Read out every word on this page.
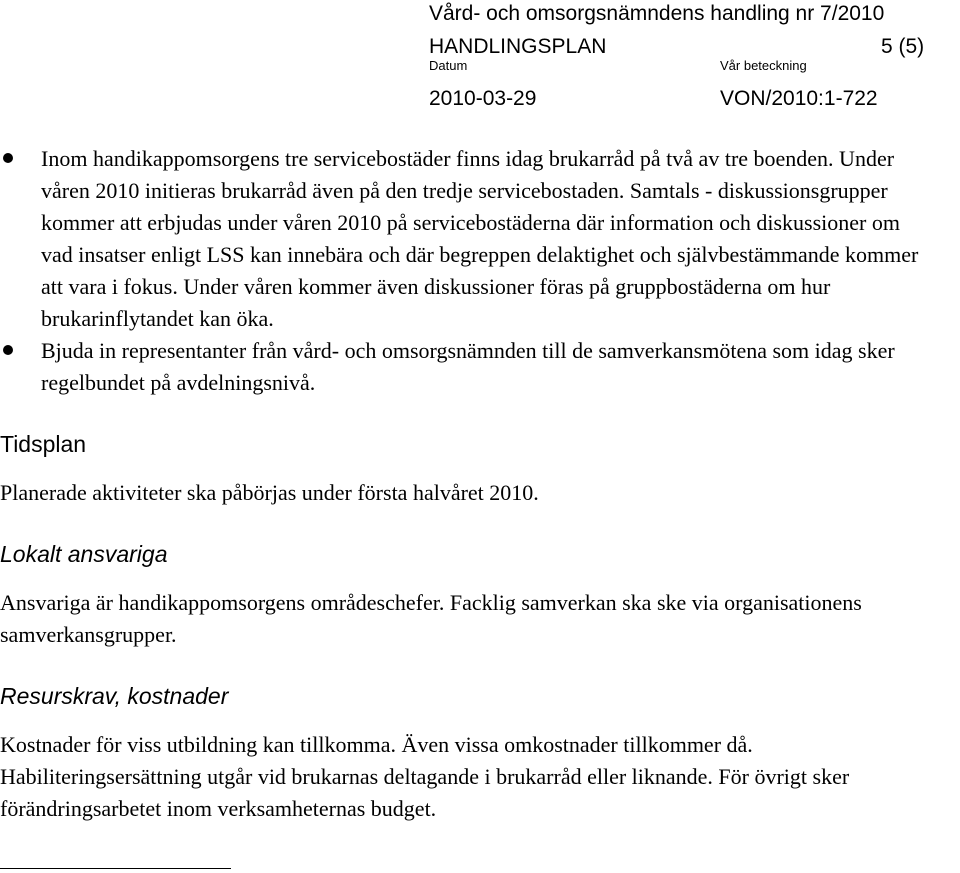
Vård- och omsorgsnämndens handling nr 7/2010
HANDLINGSPLAN	5 (5)
Datum	Vår beteckning
2010-03-29	VON/2010:1-722
Inom handikappomsorgens tre servicebostäder finns idag brukarråd på två av tre boenden. Under våren 2010 initieras brukarråd även på den tredje servicebostaden. Samtals - diskussionsgrupper kommer att erbjudas under våren 2010 på servicebostäderna där information och diskussioner om vad insatser enligt LSS kan innebära och där begreppen delaktighet och självbestämmande kommer att vara i fokus. Under våren kommer även diskussioner föras på gruppbostäderna om hur brukarinflytandet kan öka.
Bjuda in representanter från vård- och omsorgsnämnden till de samverkansmötena som idag sker regelbundet på avdelningsnivå.
Tidsplan
Planerade aktiviteter ska påbörjas under första halvåret 2010.
Lokalt ansvariga
Ansvariga är handikappomsorgens områdeschefer. Facklig samverkan ska ske via organisationens samverkansgrupper.
Resurskrav, kostnader
Kostnader för viss utbildning kan tillkomma. Även vissa omkostnader tillkommer då. Habiliteringsersättning utgår vid brukarnas deltagande i brukarråd eller liknande. För övrigt sker förändringsarbetet inom verksamheternas budget.
